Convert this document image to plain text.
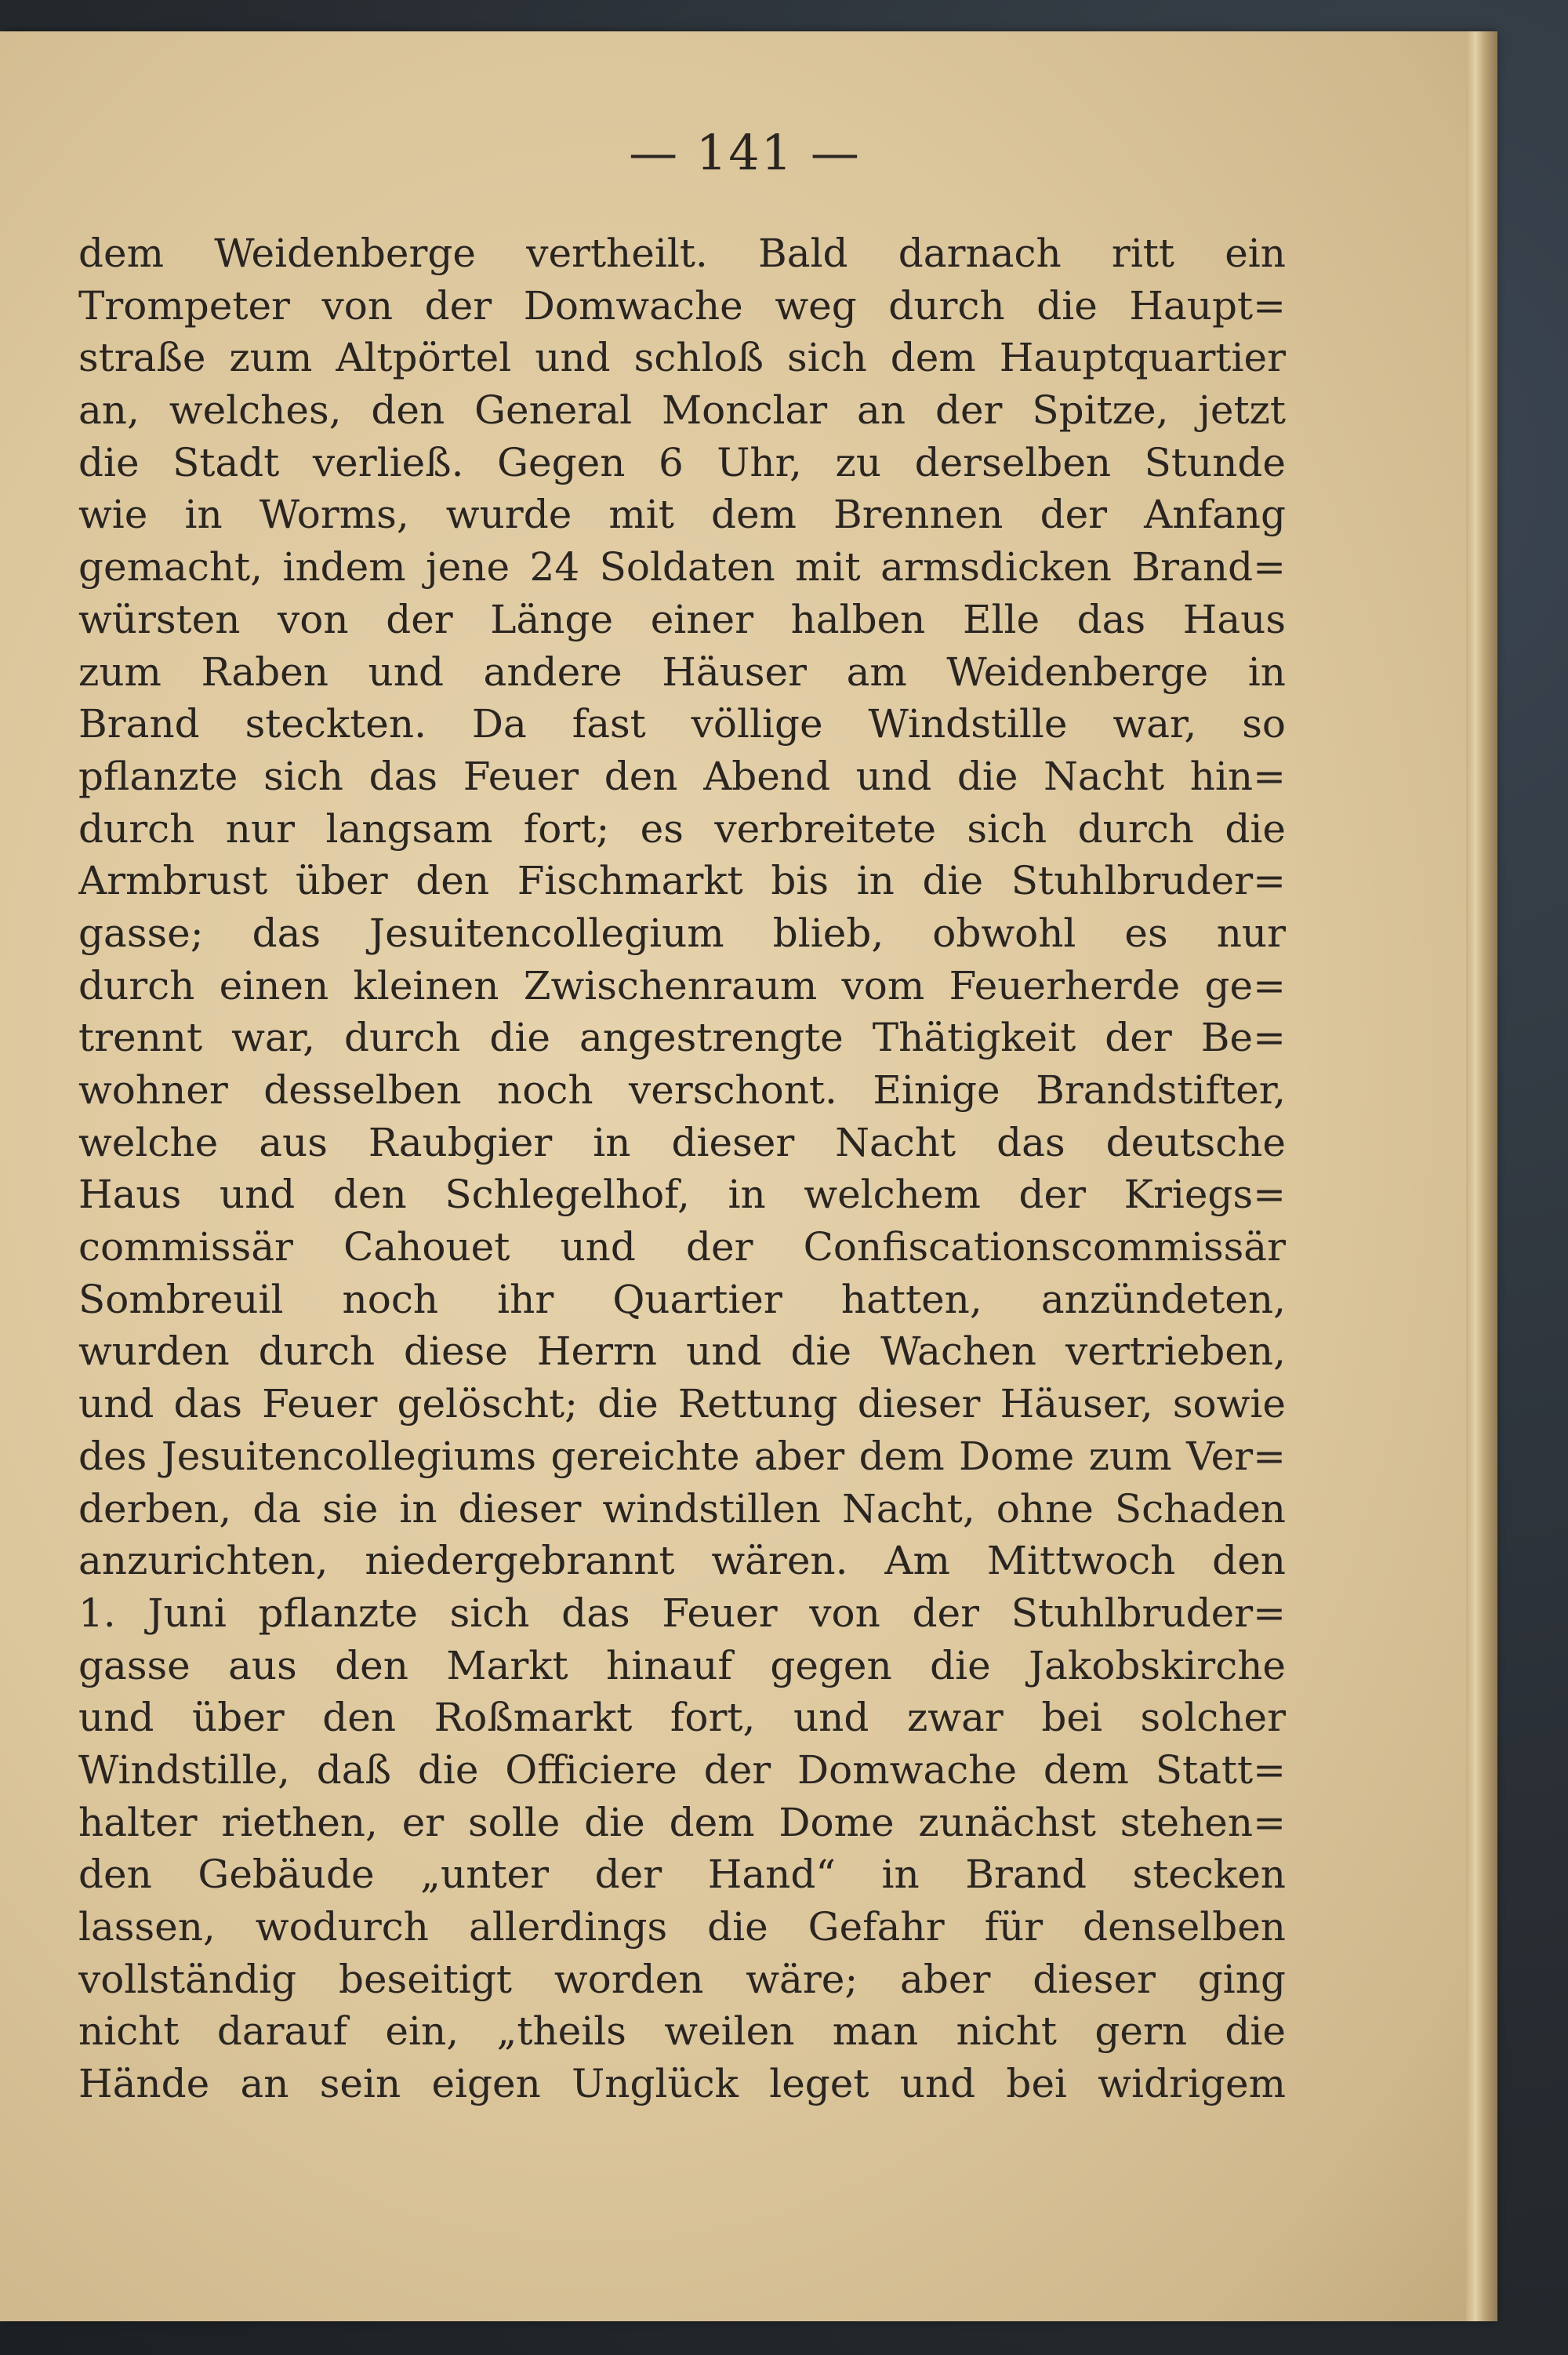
— 141 —
dem Weidenberge vertheilt. Bald darnach ritt ein
Trompeter von der Domwache weg durch die Haupt=
straße zum Altpörtel und schloß sich dem Hauptquartier
an, welches, den General Monclar an der Spitze, jetzt
die Stadt verließ. Gegen 6 Uhr, zu derselben Stunde
wie in Worms, wurde mit dem Brennen der Anfang
gemacht, indem jene 24 Soldaten mit armsdicken Brand=
würsten von der Länge einer halben Elle das Haus
zum Raben und andere Häuser am Weidenberge in
Brand steckten. Da fast völlige Windstille war, so
pflanzte sich das Feuer den Abend und die Nacht hin=
durch nur langsam fort; es verbreitete sich durch die
Armbrust über den Fischmarkt bis in die Stuhlbruder=
gasse; das Jesuitencollegium blieb, obwohl es nur
durch einen kleinen Zwischenraum vom Feuerherde ge=
trennt war, durch die angestrengte Thätigkeit der Be=
wohner desselben noch verschont. Einige Brandstifter,
welche aus Raubgier in dieser Nacht das deutsche
Haus und den Schlegelhof, in welchem der Kriegs=
commissär Cahouet und der Confiscationscommissär
Sombreuil noch ihr Quartier hatten, anzündeten,
wurden durch diese Herrn und die Wachen vertrieben,
und das Feuer gelöscht; die Rettung dieser Häuser, sowie
des Jesuitencollegiums gereichte aber dem Dome zum Ver=
derben, da sie in dieser windstillen Nacht, ohne Schaden
anzurichten, niedergebrannt wären. Am Mittwoch den
1. Juni pflanzte sich das Feuer von der Stuhlbruder=
gasse aus den Markt hinauf gegen die Jakobskirche
und über den Roßmarkt fort, und zwar bei solcher
Windstille, daß die Officiere der Domwache dem Statt=
halter riethen, er solle die dem Dome zunächst stehen=
den Gebäude „unter der Hand“ in Brand stecken
lassen, wodurch allerdings die Gefahr für denselben
vollständig beseitigt worden wäre; aber dieser ging
nicht darauf ein, „theils weilen man nicht gern die
Hände an sein eigen Unglück leget und bei widrigem
